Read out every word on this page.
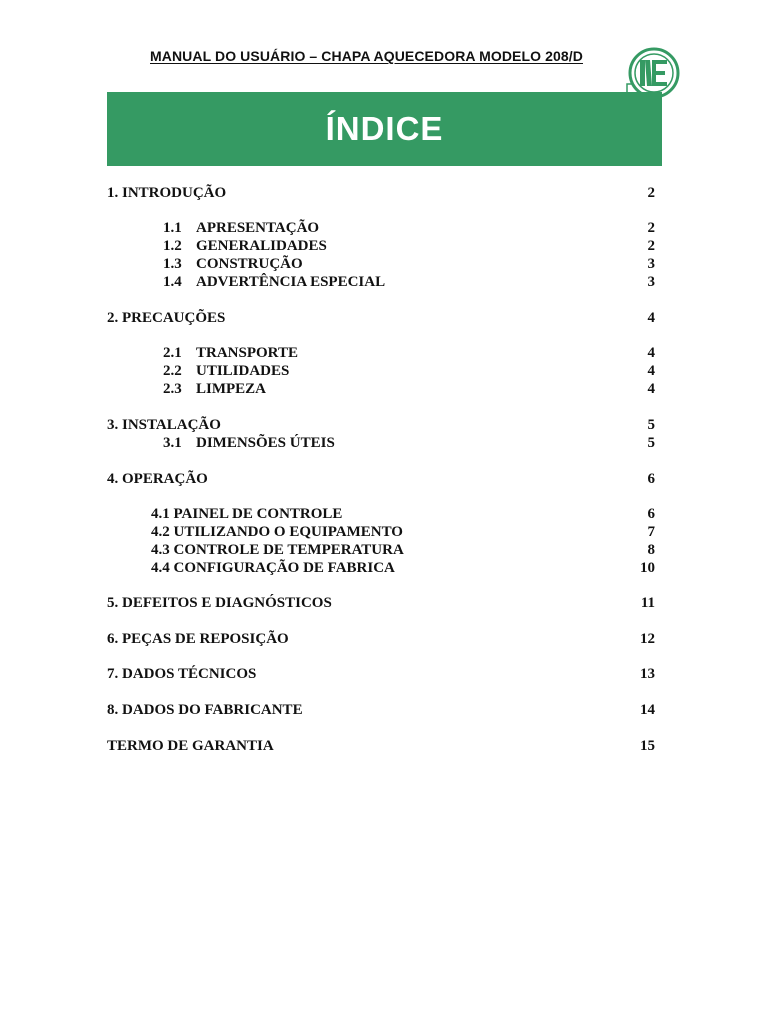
MANUAL DO USUÁRIO – CHAPA AQUECEDORA MODELO 208/D
ÍNDICE
1. INTRODUÇÃO	2
1.1 APRESENTAÇÃO	2
1.2 GENERALIDADES	2
1.3 CONSTRUÇÃO	3
1.4 ADVERTÊNCIA ESPECIAL	3
2. PRECAUÇÕES	4
2.1 TRANSPORTE	4
2.2 UTILIDADES	4
2.3 LIMPEZA	4
3. INSTALAÇÃO	5
3.1 DIMENSÕES ÚTEIS	5
4. OPERAÇÃO	6
4.1 PAINEL DE CONTROLE	6
4.2 UTILIZANDO O EQUIPAMENTO	7
4.3 CONTROLE DE TEMPERATURA	8
4.4 CONFIGURAÇÃO DE FABRICA	10
5. DEFEITOS E DIAGNÓSTICOS	11
6. PEÇAS DE REPOSIÇÃO	12
7. DADOS TÉCNICOS	13
8. DADOS DO FABRICANTE	14
TERMO DE GARANTIA	15
